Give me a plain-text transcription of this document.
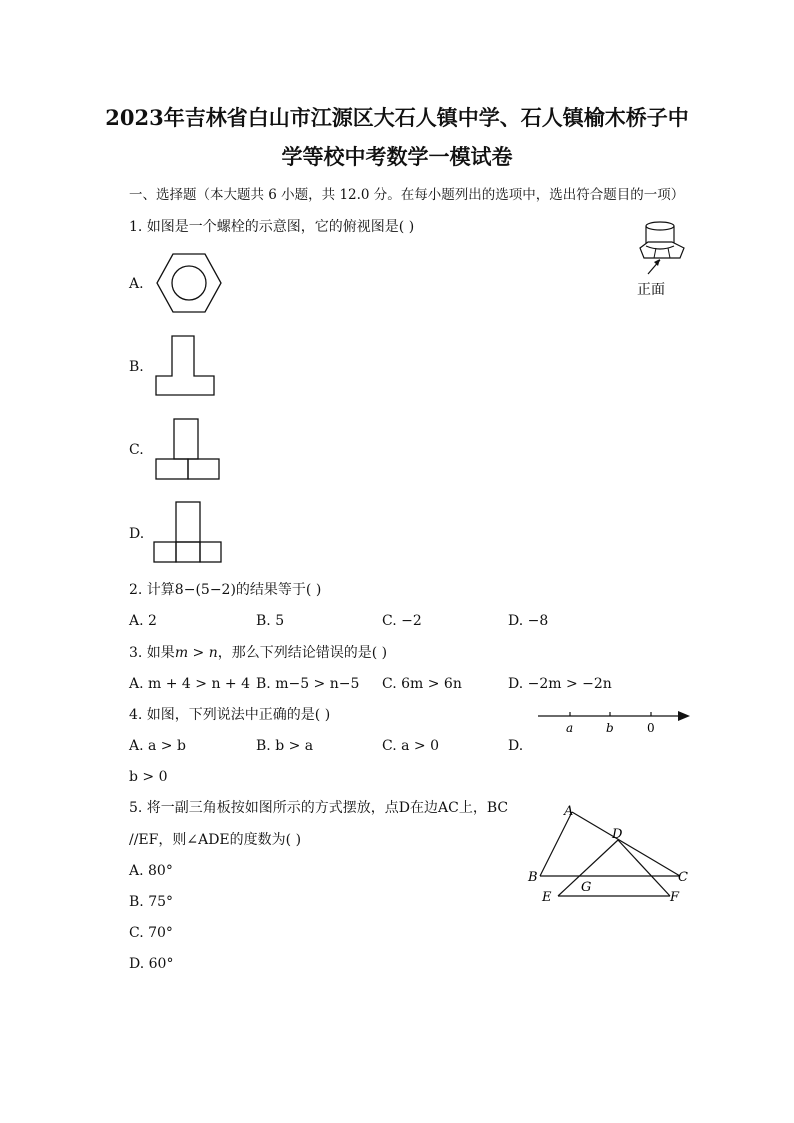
2023年吉林省白山市江源区大石人镇中学、石人镇榆木桥子中
学等校中考数学一模试卷
一、选择题（本大题共 6 小题，共 12.0 分。在每小题列出的选项中，选出符合题目的一项）
1. 如图是一个螺栓的示意图，它的俯视图是( )
正面
A.
B.
C.
D.
2. 计算8−(5−2)的结果等于( )
A. 2	B. 5	C. −2	D. −8
3. 如果m > n，那么下列结论错误的是( )
A. m + 4 > n + 4 B. m−5 > n−5 C. 6m > 6n	D. −2m > −2n
4. 如图，下列说法中正确的是( )
a	b	0
A. a > b	B. b > a	C. a > 0	D.
b > 0
5. 将一副三角板按如图所示的方式摆放，点D在边AC上，BC
//EF，则∠ADE的度数为( )
A
D
B
G
C
E	F
A. 80°
B. 75°
C. 70°
D. 60°
